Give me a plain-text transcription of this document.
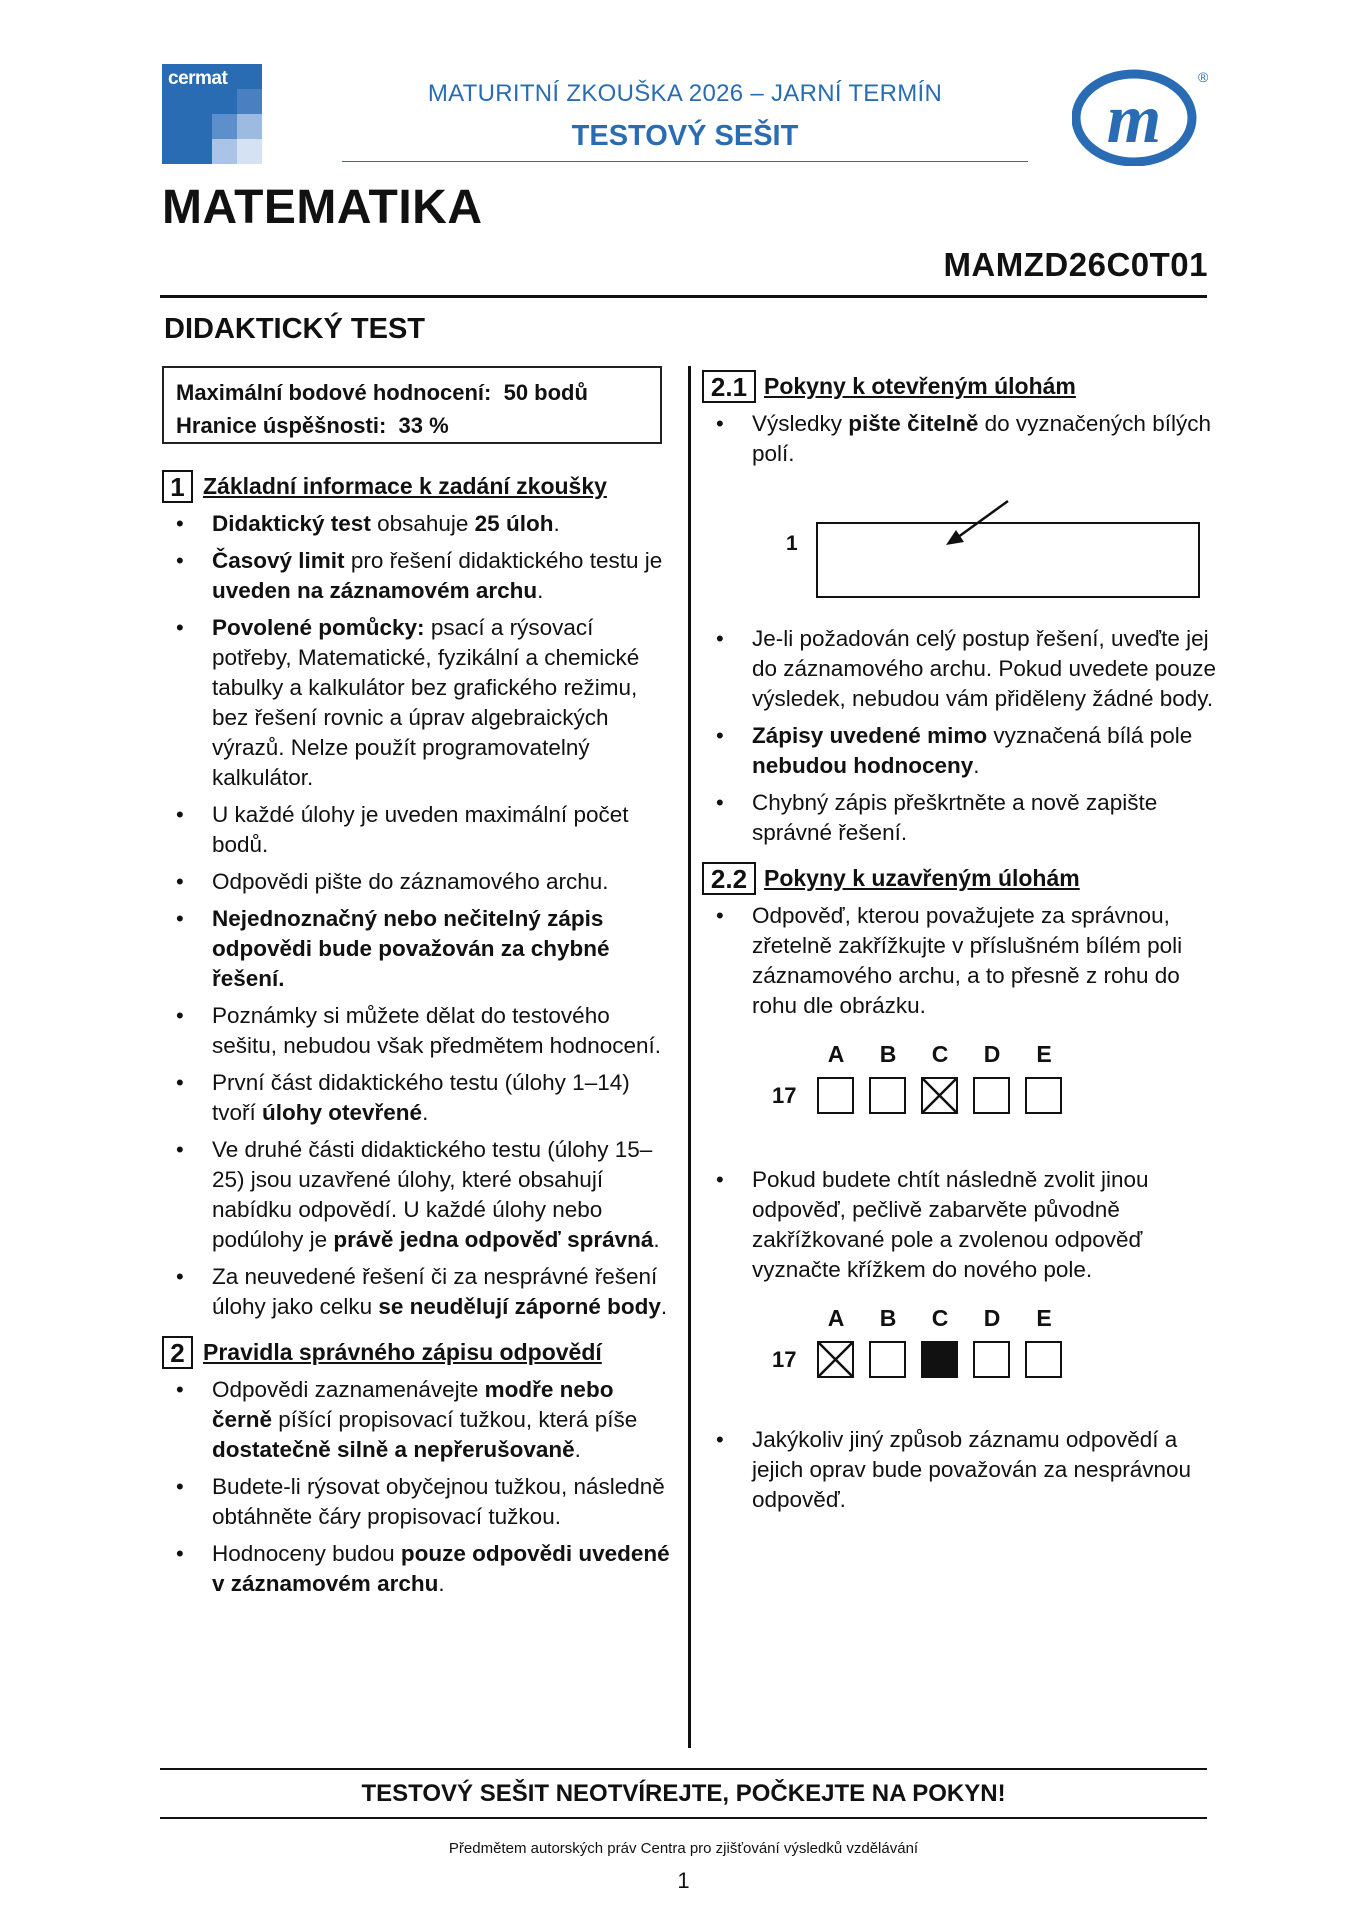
cermat
MATURITNÍ ZKOUŠKA 2026 – JARNÍ TERMÍN
TESTOVÝ SEŠIT	m
®
MATEMATIKA
MAMZD26C0T01
DIDAKTICKÝ TEST
Maximální bodové hodnocení: 50 bodů
Hranice úspěšnosti: 33 %
1 Základní informace k zadání zkoušky
• Didaktický test obsahuje 25 úloh.
• Časový limit pro řešení didaktického testu je uveden na záznamovém archu.
• Povolené pomůcky: psací a rýsovací potřeby, Matematické, fyzikální a chemické tabulky a kalkulátor bez grafického režimu, bez řešení rovnic a úprav algebraických výrazů. Nelze použít programovatelný kalkulátor.
• U každé úlohy je uveden maximální počet bodů.
• Odpovědi pište do záznamového archu.
• Nejednoznačný nebo nečitelný zápis odpovědi bude považován za chybné řešení.
• Poznámky si můžete dělat do testového sešitu, nebudou však předmětem hodnocení.
• První část didaktického testu (úlohy 1–14) tvoří úlohy otevřené.
• Ve druhé části didaktického testu (úlohy 15–25) jsou uzavřené úlohy, které obsahují nabídku odpovědí. U každé úlohy nebo podúlohy je právě jedna odpověď správná.
• Za neuvedené řešení či za nesprávné řešení úlohy jako celku se neudělují záporné body.
2 Pravidla správného zápisu odpovědí
• Odpovědi zaznamenávejte modře nebo černě píšící propisovací tužkou, která píše dostatečně silně a nepřerušovaně.
• Budete-li rýsovat obyčejnou tužkou, následně obtáhněte čáry propisovací tužkou.
• Hodnoceny budou pouze odpovědi uvedené v záznamovém archu.
2.1 Pokyny k otevřeným úlohám
• Výsledky pište čitelně do vyznačených bílých polí.
1
• Je-li požadován celý postup řešení, uveďte jej do záznamového archu. Pokud uvedete pouze výsledek, nebudou vám přiděleny žádné body.
• Zápisy uvedené mimo vyznačená bílá pole nebudou hodnoceny.
• Chybný zápis přeškrtněte a nově zapište správné řešení.
2.2 Pokyny k uzavřeným úlohám
• Odpověď, kterou považujete za správnou, zřetelně zakřížkujte v příslušném bílém poli záznamového archu, a to přesně z rohu do rohu dle obrázku.
A	B	C	D	E
17
• Pokud budete chtít následně zvolit jinou odpověď, pečlivě zabarvěte původně zakřížkované pole a zvolenou odpověď vyznačte křížkem do nového pole.
A	B	C	D	E
17
• Jakýkoliv jiný způsob záznamu odpovědí a jejich oprav bude považován za nesprávnou odpověď.
TESTOVÝ SEŠIT NEOTVÍREJTE, POČKEJTE NA POKYN!
Předmětem autorských práv Centra pro zjišťování výsledků vzdělávání
1
